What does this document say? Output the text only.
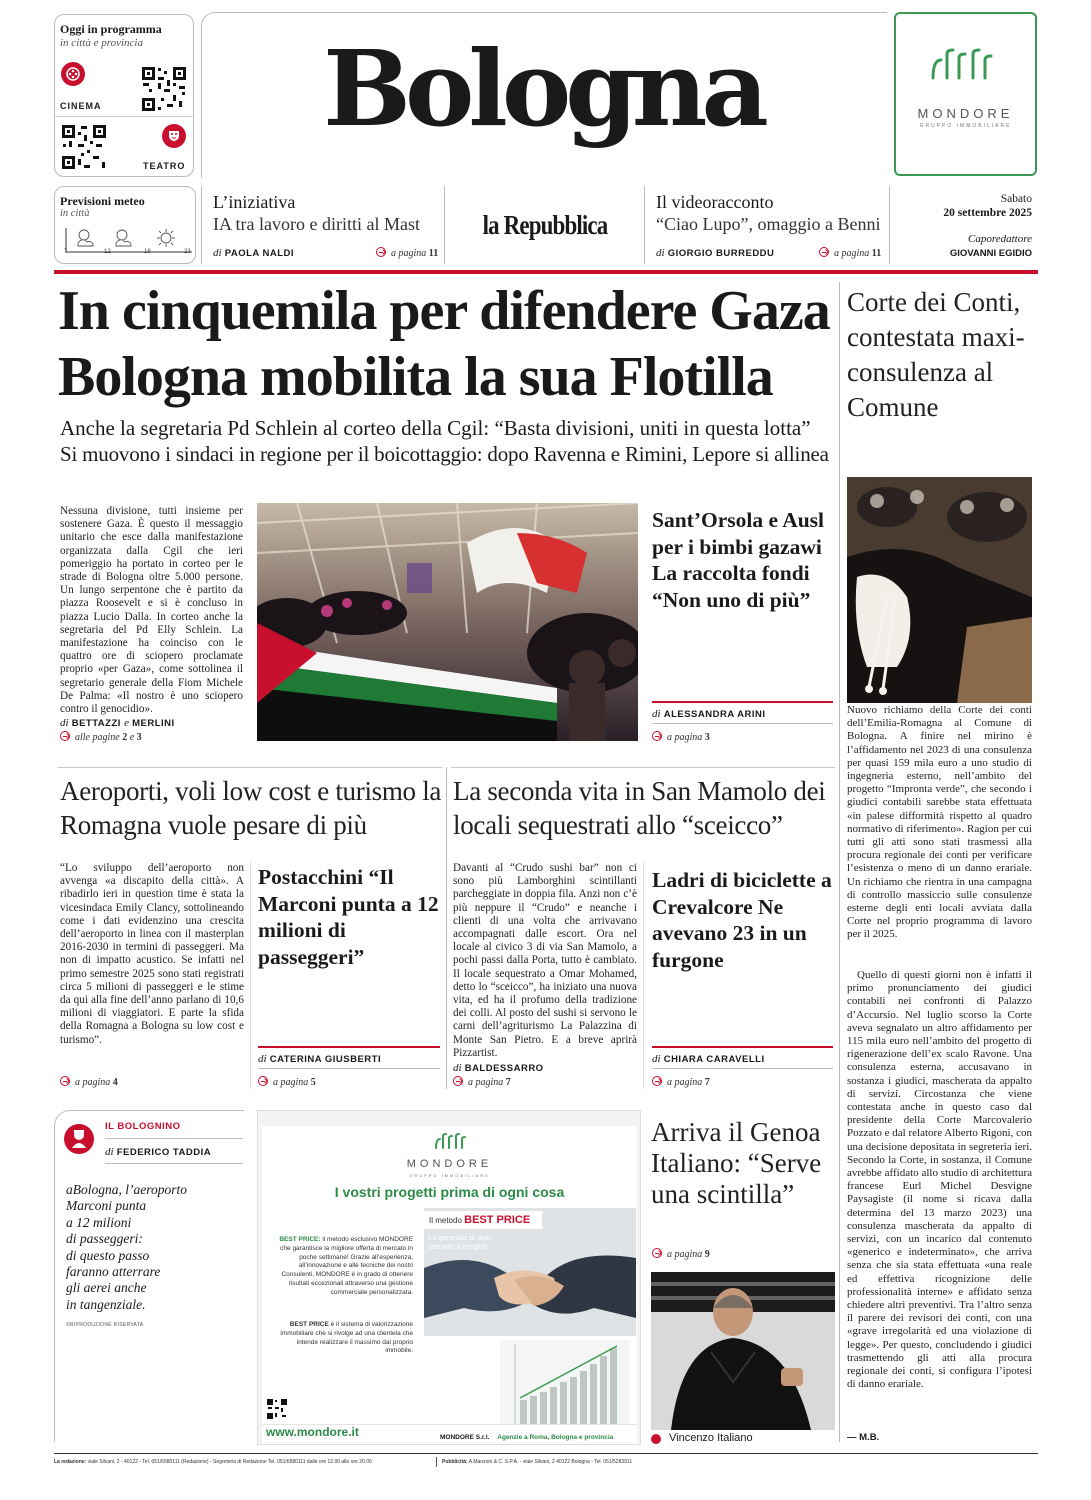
Oggi in programma
in città e provincia
CINEMA
TEATRO
Bologna	MONDORE
GRUPPO IMMOBILIARE
Previsioni meteo
in città
7	12	18	23
L’iniziativa
IA tra lavoro e diritti al Mast
di PAOLA NALDI	a pagina 11
la Repubblica
Il videoracconto
“Ciao Lupo”, omaggio a Benni
di GIORGIO BURREDDU	a pagina 11
Sabato
20 settembre 2025
Caporedattore
GIOVANNI EGIDIO
In cinquemila per difendere Gaza
Bologna mobilita la sua Flotilla
Anche la segretaria Pd Schlein al corteo della Cgil: “Basta divisioni, uniti in questa lotta”
Si muovono i sindaci in regione per il boicottaggio: dopo Ravenna e Rimini, Lepore si allinea
Nessuna divisione, tutti insieme per sostenere Gaza. È questo il messaggio unitario che esce dalla manifestazione organizzata dalla Cgil che ieri pomeriggio ha portato in corteo per le strade di Bologna oltre 5.000 persone. Un lungo serpentone che è partito da piazza Roosevelt e si è concluso in piazza Lucio Dalla. In corteo anche la segretaria del Pd Elly Schlein. La manifestazione ha coinciso con le quattro ore di sciopero proclamate proprio «per Gaza», come sottolinea il segretario generale della Fiom Michele De Palma: «Il nostro è uno sciopero contro il genocidio».
di BETTAZZI e MERLINI
alle pagine 2 e 3
Sant’Orsola e Ausl per i bimbi gazawi La raccolta fondi “Non uno di più”
di ALESSANDRA ARINI
a pagina 3
Corte dei Conti, contestata maxi-consulenza al Comune
Nuovo richiamo della Corte dei conti dell’Emilia-Romagna al Comune di Bologna. A finire nel mirino è l’affidamento nel 2023 di una consulenza per quasi 159 mila euro a uno studio di ingegneria esterno, nell’ambito del progetto “Impronta verde”, che secondo i giudici contabili sarebbe stata effettuata «in palese difformità rispetto al quadro normativo di riferimento». Ragion per cui tutti gli atti sono stati trasmessi alla procura regionale dei conti per verificare l’esistenza o meno di un danno erariale. Un richiamo che rientra in una campagna di controllo massiccio sulle consulenze esterne degli enti locali avviata dalla Corte nel proprio programma di lavoro per il 2025.
Quello di questi giorni non è infatti il primo pronunciamento dei giudici contabili nei confronti di Palazzo d’Accursio. Nel luglio scorso la Corte aveva segnalato un altro affidamento per 115 mila euro nell’ambito del progetto di rigenerazione dell’ex scalo Ravone. Una consulenza esterna, accusavano in sostanza i giudici, mascherata da appalto di servizi. Circostanza che viene contestata anche in questo caso dal presidente della Corte Marcovalerio Pozzato e dal relatore Alberto Rigoni, con una decisione depositata in segreteria ieri. Secondo la Corte, in sostanza, il Comune avrebbe affidato allo studio di architettura francese Eurl Michel Desvigne Paysagiste (il nome si ricava dalla determina del 13 marzo 2023) una consulenza mascherata da appalto di servizi, con un incarico dal contenuto «generico e indeterminato», che arriva senza che sia stata effettuata «una reale ed effettiva ricognizione delle professionalità interne» e affidato senza chiedere altri preventivi. Tra l’altro senza il parere dei revisori dei conti, con una «grave irregolarità ed una violazione di legge». Per questo, concludendo i giudici trasmettendo gli atti alla procura regionale dei conti, si configura l’ipotesi di danno erariale.
— M.B.
Aeroporti, voli low cost e turismo la Romagna vuole pesare di più
“Lo sviluppo dell’aeroporto non avvenga «a discapito della città». A ribadirlo ieri in question time è stata la vicesindaca Emily Clancy, sottolineando come i dati evidenzino una crescita dell’aeroporto in linea con il masterplan 2016-2030 in termini di passeggeri. Ma non di impatto acustico. Se infatti nel primo semestre 2025 sono stati registrati circa 5 milioni di passeggeri e le stime da qui alla fine dell’anno parlano di 10,6 milioni di viaggiatori. E parte la sfida della Romagna a Bologna su low cost e turismo”.
a pagina 4
Postacchini “Il Marconi punta a 12 milioni di passeggeri”
di CATERINA GIUSBERTI
a pagina 5
La seconda vita in San Mamolo dei locali sequestrati allo “sceicco”
Davanti al “Crudo sushi bar” non ci sono più Lamborghini scintillanti parcheggiate in doppia fila. Anzi non c’è più neppure il “Crudo” e neanche i clienti di una volta che arrivavano accompagnati dalle escort. Ora nel locale al civico 3 di via San Mamolo, a pochi passi dalla Porta, tutto è cambiato. Il locale sequestrato a Omar Mohamed, detto lo “sceicco”, ha iniziato una nuova vita, ed ha il profumo della tradizione dei colli. Al posto del sushi si servono le carni dell’agriturismo La Palazzina di Monte San Pietro. E a breve aprirà Pizzartist.
di BALDESSARRO
a pagina 7
Ladri di biciclette a Crevalcore Ne avevano 23 in un furgone
di CHIARA CARAVELLI
a pagina 7
IL BOLOGNINO
di FEDERICO TADDIA
aBologna, l’aeroporto
Marconi punta
a 12 milioni
di passeggeri:
di questo passo
faranno atterrare
gli aerei anche
in tangenziale.
©RIPRODUZIONE RISERVATA
MONDORE
GRUPPO IMMOBILIARE
I vostri progetti prima di ogni cosa
BEST PRICE: il metodo esclusivo MONDORE che garantisce la migliore offerta di mercato in poche settimane! Grazie all’esperienza, all’innovazione e alle tecniche dei nostri Consulenti, MONDORE è in grado di ottenere risultati eccezionali attraverso una gestione commerciale personalizzata.
BEST PRICE è il sistema di valorizzazione immobiliare che si rivolge ad una clientela che intende realizzare il massimo dal proprio immobile.
Il metodo BEST PRICE
La garanzia di aver ottenuto il meglio!
www.mondore.it	MONDORE S.r.l. Agenzie a Roma, Bologna e provincia
Arriva il Genoa Italiano: “Serve una scintilla”
a pagina 9
Vincenzo Italiano
La redazione: viale Silvani, 2 - 40122 - Tel. 051/6580111 (Redazione) - Segreteria di Redazione Tel. 051/6580111 dalle ore 12.00 alle ore 20.00	Pubblicità: A.Manzoni & C. S.P.A. - viale Silvani, 2 40122 Bologna - Tel. 051/5283911
